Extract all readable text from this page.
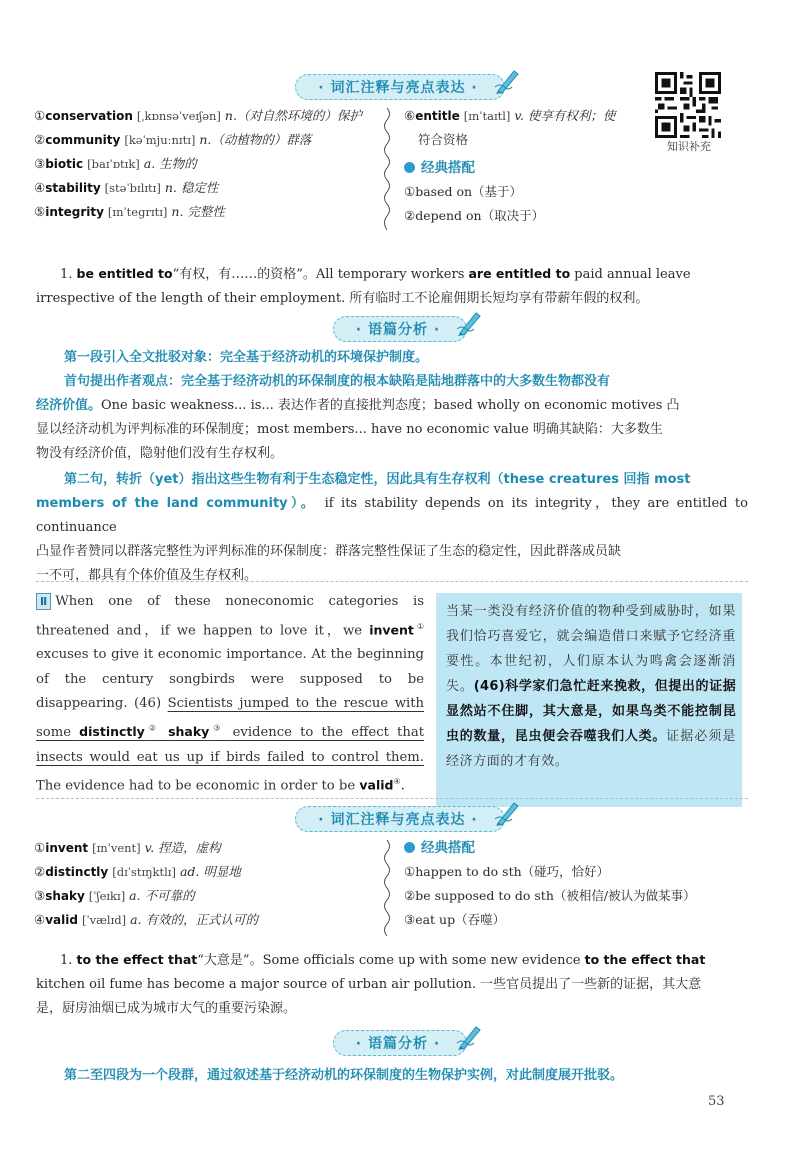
· 词汇注释与亮点表达 ·
①conservation [ˌkɒnsəˈveɪʃən] n.（对自然环境的）保护
②community [kəˈmjuːnɪtɪ] n.（动植物的）群落
③biotic [baɪˈɒtɪk] a. 生物的
④stability [stəˈbɪlɪtɪ] n. 稳定性
⑤integrity [ɪnˈtegrɪtɪ] n. 完整性
⑥entitle [ɪnˈtaɪtl] v. 使享有权利；使
符合资格
经典搭配
①based on（基于）
②depend on（取决于）
知识补充
1. be entitled to“有权，有……的资格”。All temporary workers are entitled to paid annual leave
irrespective of the length of their employment. 所有临时工不论雇佣期长短均享有带薪年假的权利。
· 语篇分析 ·
第一段引入全文批驳对象：完全基于经济动机的环境保护制度。
首句提出作者观点：完全基于经济动机的环保制度的根本缺陷是陆地群落中的大多数生物都没有
经济价值。One basic weakness... is... 表达作者的直接批判态度；based wholly on economic motives 凸
显以经济动机为评判标准的环保制度；most members... have no economic value 明确其缺陷：大多数生
物没有经济价值，隐射他们没有生存权利。
第二句，转折（yet）指出这些生物有利于生态稳定性，因此具有生存权利（these creatures 回指 most
members of the land community）。 if its stability depends on its integrity，they are entitled to continuance
凸显作者赞同以群落完整性为评判标准的环保制度：群落完整性保证了生态的稳定性，因此群落成员缺
一不可，都具有个体价值及生存权利。
Ⅱ When one of these noneconomic categories is threatened and，if we happen to love it，we invent① excuses to give it economic importance. At the beginning of the century songbirds were supposed to be disappearing. (46) Scientists jumped to the rescue with some distinctly② shaky③ evidence to the effect that insects would eat us up if birds failed to control them. The evidence had to be economic in order to be valid④.
当某一类没有经济价值的物种受到威胁时，如果我们恰巧喜爱它，就会编造借口来赋予它经济重要性。本世纪初，人们原本认为鸣禽会逐渐消失。(46)科学家们急忙赶来挽救，但提出的证据显然站不住脚，其大意是，如果鸟类不能控制昆虫的数量，昆虫便会吞噬我们人类。证据必须是经济方面的才有效。
· 词汇注释与亮点表达 ·
①invent [ɪnˈvent] v. 捏造，虚构
②distinctly [dɪˈstɪŋktlɪ] ad. 明显地
③shaky [ˈʃeɪkɪ] a. 不可靠的
④valid [ˈvælɪd] a. 有效的，正式认可的
经典搭配
①happen to do sth（碰巧，恰好）
②be supposed to do sth（被相信/被认为做某事）
③eat up（吞噬）
1. to the effect that“大意是”。Some officials come up with some new evidence to the effect that
kitchen oil fume has become a major source of urban air pollution. 一些官员提出了一些新的证据，其大意
是，厨房油烟已成为城市大气的重要污染源。
· 语篇分析 ·
第二至四段为一个段群，通过叙述基于经济动机的环保制度的生物保护实例，对此制度展开批驳。
53
